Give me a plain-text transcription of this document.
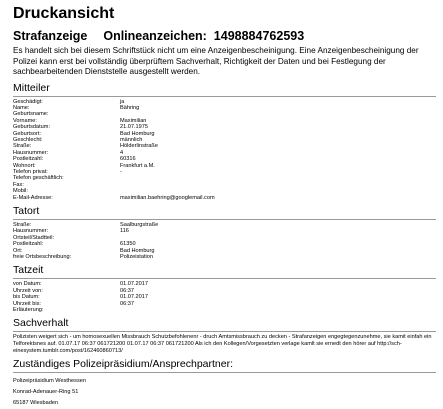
Druckansicht
Strafanzeige Onlineanzeichen: 1498884762593
Es handelt sich bei diesem Schriftstück nicht um eine Anzeigenbescheinigung. Eine Anzeigenbescheinigung der Polizei kann erst bei vollständig überprüftem Sachverhalt, Richtigkeit der Daten und bei Festlegung der sachbearbeitenden Dienststelle ausgestellt werden.
Mitteiler
Geschädigt:	ja
Name:	Bähring
Geburtsname:
Vorname:	Maximilian
Geburtsdatum:	21.07.1975
Geburtsort:	Bad Homburg
Geschlecht:	männlich
Straße:	Hölderlinstraße
Hausnummer:	4
Postleitzahl:	60316
Wohnort:	Frankfurt a.M.
Telefon privat:	-
Telefon geschäftlich:
Fax:
Mobil:
E-Mail-Adresse:	maximilian.baehring@googlemail.com
Tatort
Straße:	Saalburgstraße
Hausnummer:	116
Ortsteil/Stadtteil:
Postleitzahl:	61350
Ort:	Bad Homburg
freie Ortsbeschreibung:	Polizeistation
Tatzeit
von Datum:	01.07.2017
Uhrzeit von:	06:37
bis Datum:	01.07.2017
Uhrzeit bis:	06:37
Erläuterung:
Sachverhalt
Polizisten weigert sich - um homosexuellen Missbrauch Schutzbefohlenenr - druch Amtsmissbrauch zu decken - Strafanzeigen engegtegenzunehme, sie kamit einfah ein Telforektsnes auf. 01.07.17 06:37 061721200 01.07.17 06:37 061721200 Als ich den Kollegen/Vorgesetzten verlage kamlt sie ernedt den hörer auf http://sch-einesystem.tumblr.com/post/162460860713/
Zuständiges Polizeipräsidium/Ansprechpartner:
Polizeipräsidium Westhessen
Konrad-Adenauer-Ring 51
65187 Wiesbaden
